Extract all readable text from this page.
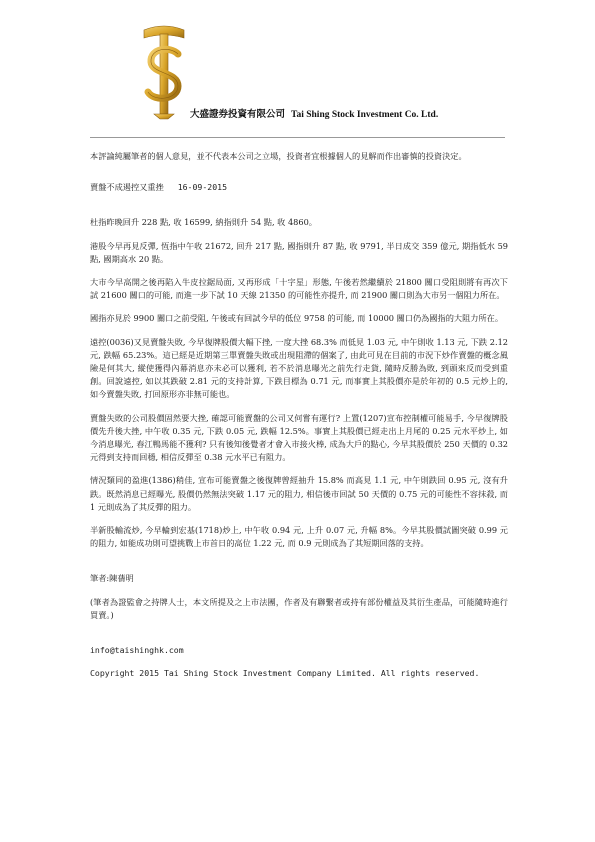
大盛證券投資有限公司 Tai Shing Stock Investment Co. Ltd.

本評論純屬筆者的個人意見，並不代表本公司之立場，投資者宜根據個人的見解而作出審慎的投資決定。

賣盤不成遏控又重挫 16-09-2015

杜指昨晚回升 228 點, 收 16599, 納指則升 54 點, 收 4860。

港股今早再見反彈, 恆指中午收 21672, 回升 217 點, 國指則升 87 點, 收 9791, 半日成交 359 億元, 期指低水 59 點, 國期高水 20 點。

大市今早高開之後再陷入牛皮拉鋸局面, 又再形成「十字星」形態, 午後若然繼續於 21800 關口受阻則將有再次下試 21600 關口的可能, 而進一步下試 10 天線 21350 的可能性亦提升, 而 21900 關口則為大市另一個阻力所在。

國指亦見於 9900 關口之前受阻, 午後或有回試今早的低位 9758 的可能, 而 10000 關口仍為國指的大阻力所在。

遠控(0036)又見賣盤失敗, 今早復牌股價大幅下挫, 一度大挫 68.3% 而低見 1.03 元, 中午則收 1.13 元, 下跌 2.12 元, 跌幅 65.23%。這已經是近期第三單賣盤失敗或出現阻滯的個案了, 由此可見在目前的市況下炒作賣盤的概念風險是何其大, 縱使獲得內幕消息亦未必可以獲利, 若不於消息曝光之前先行走貨, 隨時反勝為敗, 到頭來反而受到重創。回說遠控, 如以其跌破 2.81 元的支持計算, 下跌目標為 0.71 元, 而事實上其股價亦是於年初的 0.5 元炒上的, 如今賣盤失敗, 打回原形亦非無可能也。

賣盤失敗的公司股價固然要大挫, 確認可能賣盤的公司又何嘗有運行? 上置(1207)宣布控制權可能易手, 今早復牌股價先升後大挫, 中午收 0.35 元, 下跌 0.05 元, 跌幅 12.5%。事實上其股價已經走出上月尾的 0.25 元水平炒上, 如今消息曝光, 春江鴨馬能不獲利? 只有後知後覺者才會入市接火棒, 成為大戶的點心, 今早其股價於 250 天價的 0.32 元得到支持而回穩, 相信反彈至 0.38 元水平已有阻力。

情況類同的盈進(1386)稍佳, 宣布可能賣盤之後復牌曾經抽升 15.8% 而高見 1.1 元, 中午則跌回 0.95 元, 沒有升跌。既然消息已經曝光, 股價仍然無法突破 1.17 元的阻力, 相信後市回試 50 天價的 0.75 元的可能性不容抹殺, 而 1 元則成為了其反彈的阻力。

半新股輸流炒, 今早輪到宏基(1718)炒上, 中午收 0.94 元, 上升 0.07 元, 升幅 8%。今早其股價試圖突破 0.99 元的阻力, 如能成功則可望挑戰上市首日的高位 1.22 元, 而 0.9 元則成為了其短期回落的支持。

筆者:陳蒨明

(筆者為證監會之持牌人士，本文所提及之上市法團，作者及有聯繫者或持有部份權益及其衍生產品，可能隨時進行買賣。)

info@taishinghk.com

Copyright 2015 Tai Shing Stock Investment Company Limited. All rights reserved.
